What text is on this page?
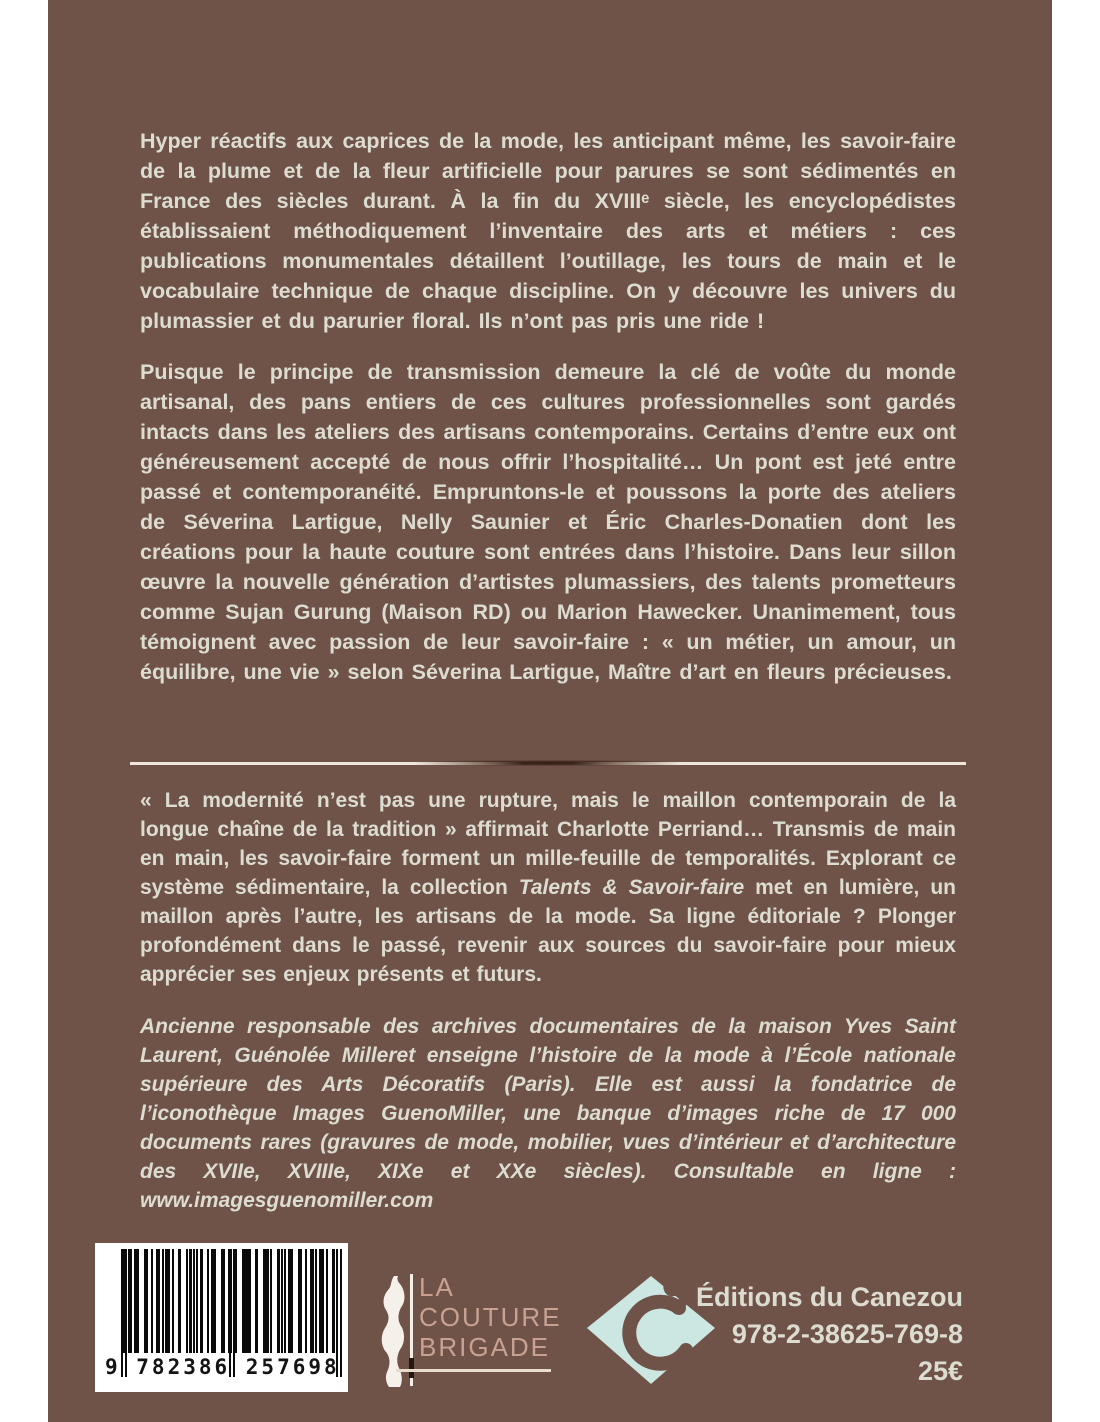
Hyper réactifs aux caprices de la mode, les anticipant même, les savoir-faire de la plume et de la fleur artificielle pour parures se sont sédimentés en France des siècles durant. À la fin du XVIIIᵉ siècle, les encyclopédistes établissaient méthodiquement l’inventaire des arts et métiers : ces publications monumentales détaillent l’outillage, les tours de main et le vocabulaire technique de chaque discipline. On y découvre les univers du plumassier et du parurier floral. Ils n’ont pas pris une ride !

Puisque le principe de transmission demeure la clé de voûte du monde artisanal, des pans entiers de ces cultures professionnelles sont gardés intacts dans les ateliers des artisans contemporains. Certains d’entre eux ont généreusement accepté de nous offrir l’hospitalité… Un pont est jeté entre passé et contemporanéité. Empruntons-le et poussons la porte des ateliers de Séverina Lartigue, Nelly Saunier et Éric Charles-Donatien dont les créations pour la haute couture sont entrées dans l’histoire. Dans leur sillon œuvre la nouvelle génération d’artistes plumassiers, des talents prometteurs comme Sujan Gurung (Maison RD) ou Marion Hawecker. Unanimement, tous témoignent avec passion de leur savoir-faire : « un métier, un amour, un équilibre, une vie » selon Séverina Lartigue, Maître d’art en fleurs précieuses.

« La modernité n’est pas une rupture, mais le maillon contemporain de la longue chaîne de la tradition » affirmait Charlotte Perriand… Transmis de main en main, les savoir-faire forment un mille-feuille de temporalités. Explorant ce système sédimentaire, la collection Talents & Savoir-faire met en lumière, un maillon après l’autre, les artisans de la mode. Sa ligne éditoriale ? Plonger profondément dans le passé, revenir aux sources du savoir-faire pour mieux apprécier ses enjeux présents et futurs.

Ancienne responsable des archives documentaires de la maison Yves Saint Laurent, Guénolée Milleret enseigne l’histoire de la mode à l’École nationale supérieure des Arts Décoratifs (Paris). Elle est aussi la fondatrice de l’iconothèque Images GuenoMiller, une banque d’images riche de 17 000 documents rares (gravures de mode, mobilier, vues d’intérieur et d’architecture des XVIIe, XVIIIe, XIXe et XXe siècles). Consultable en ligne : www.imagesguenomiller.com

9 782386 257698
LA
COUTURE
BRIGADE
Éditions du Canezou
978-2-38625-769-8
25€
